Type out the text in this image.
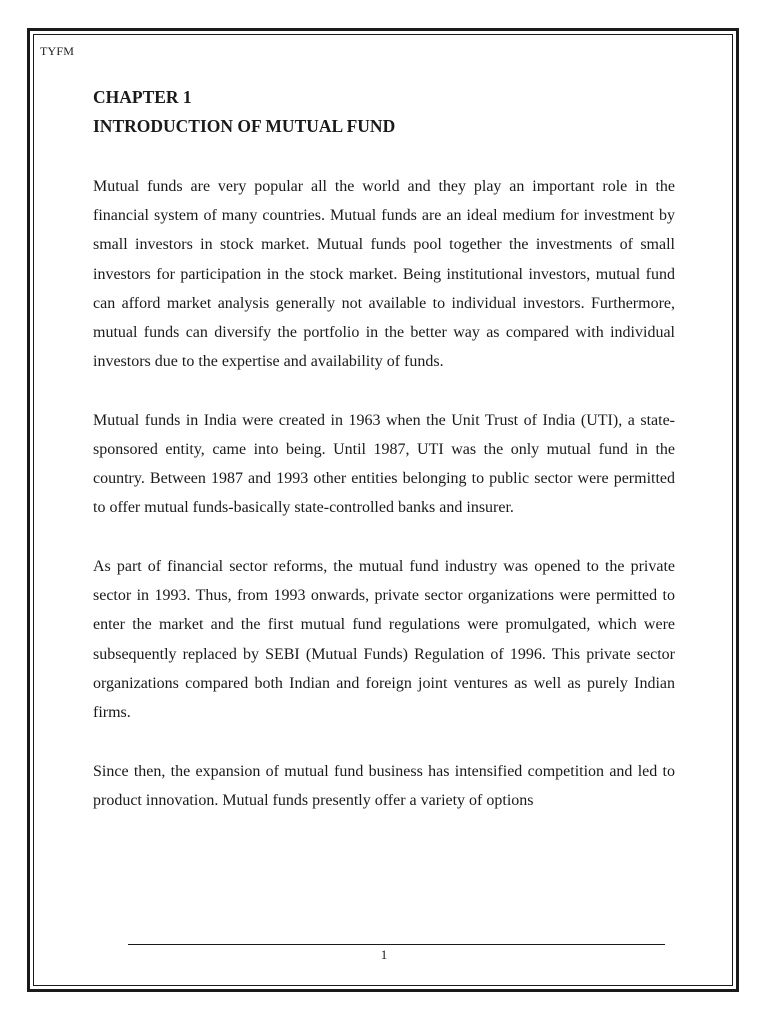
TYFM
CHAPTER 1
INTRODUCTION OF MUTUAL FUND

Mutual funds are very popular all the world and they play an important role in the financial system of many countries. Mutual funds are an ideal medium for investment by small investors in stock market. Mutual funds pool together the investments of small investors for participation in the stock market. Being institutional investors, mutual fund can afford market analysis generally not available to individual investors. Furthermore, mutual funds can diversify the portfolio in the better way as compared with individual investors due to the expertise and availability of funds.

Mutual funds in India were created in 1963 when the Unit Trust of India (UTI), a state-sponsored entity, came into being. Until 1987, UTI was the only mutual fund in the country. Between 1987 and 1993 other entities belonging to public sector were permitted to offer mutual funds-basically state-controlled banks and insurer.

As part of financial sector reforms, the mutual fund industry was opened to the private sector in 1993. Thus, from 1993 onwards, private sector organizations were permitted to enter the market and the first mutual fund regulations were promulgated, which were subsequently replaced by SEBI (Mutual Funds) Regulation of 1996. This private sector organizations compared both Indian and foreign joint ventures as well as purely Indian firms.

Since then, the expansion of mutual fund business has intensified competition and led to product innovation. Mutual funds presently offer a variety of options

1
